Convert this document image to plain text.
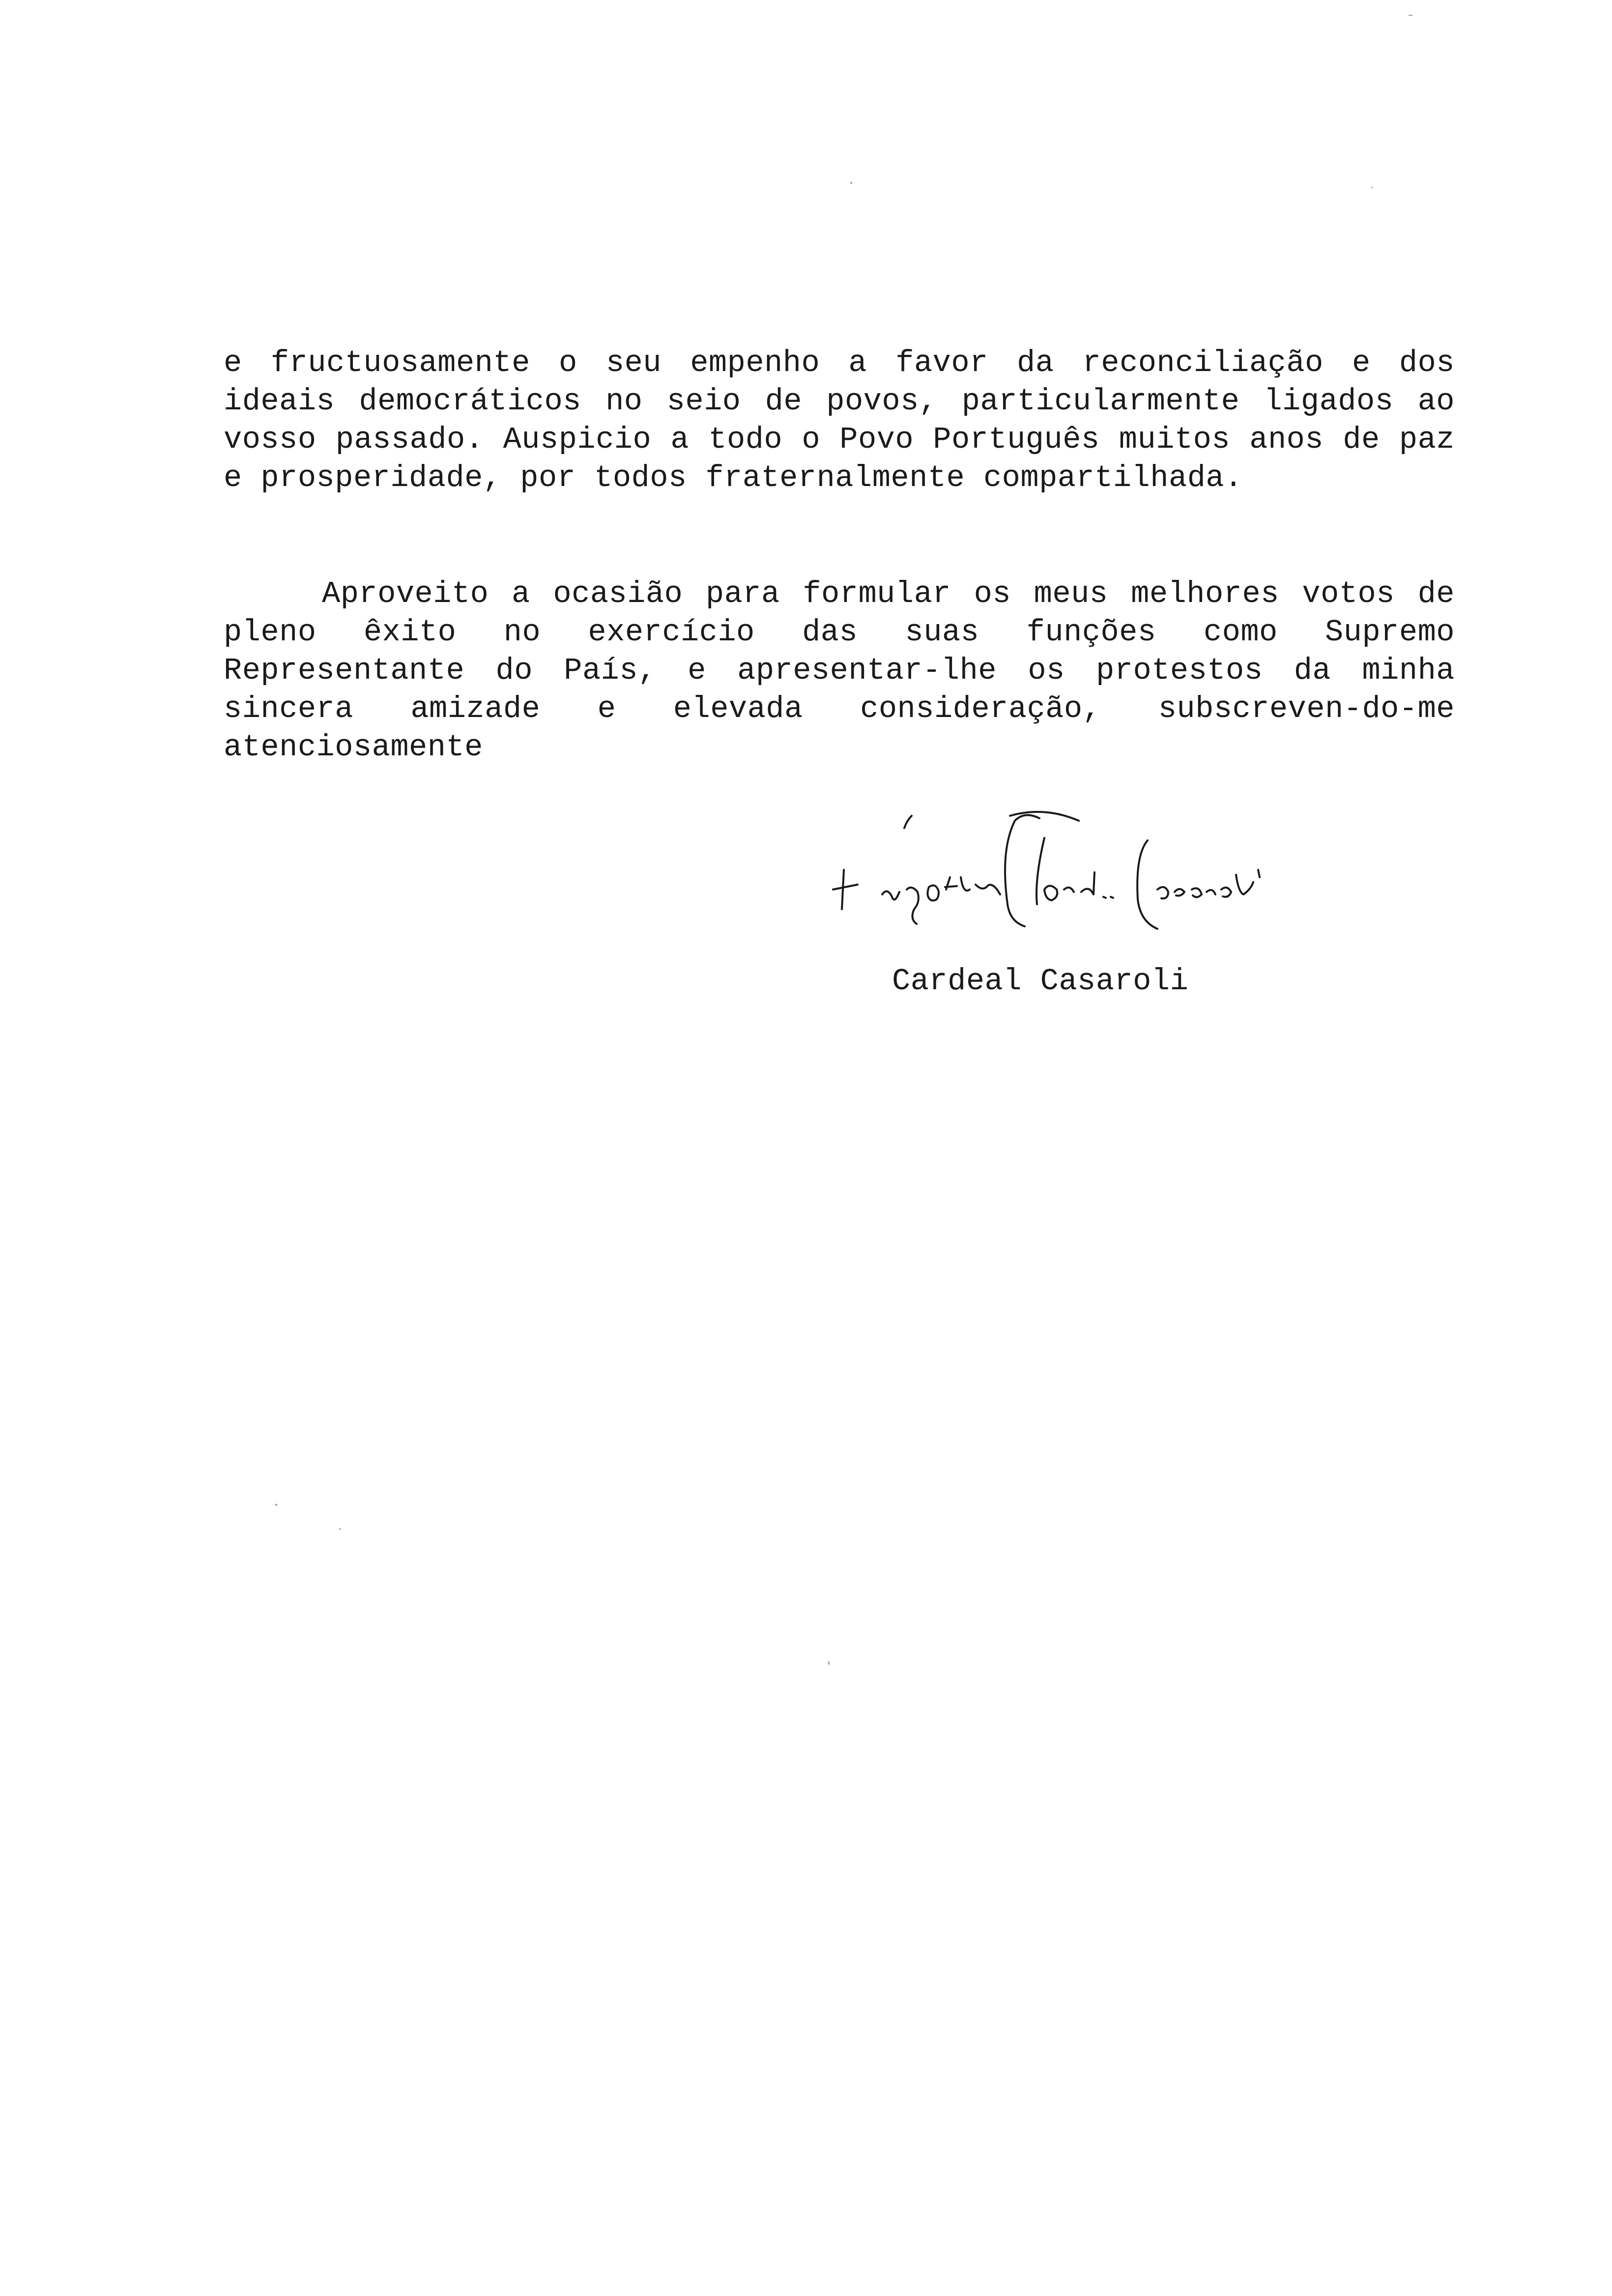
e fructuosamente o seu empenho a favor da reconciliação e dos ideais democráticos no seio de povos, particularmente ligados ao vosso passado. Auspicio a todo o Povo Português muitos anos de paz e prosperidade, por todos fraternalmente compartilhada.

Aproveito a ocasião para formular os meus melhores votos de pleno êxito no exercício das suas funções como Supremo Representante do País, e apresentar-lhe os protestos da minha sincera amizade e elevada consideração, subscreven-do-me atenciosamente

Cardeal Casaroli
